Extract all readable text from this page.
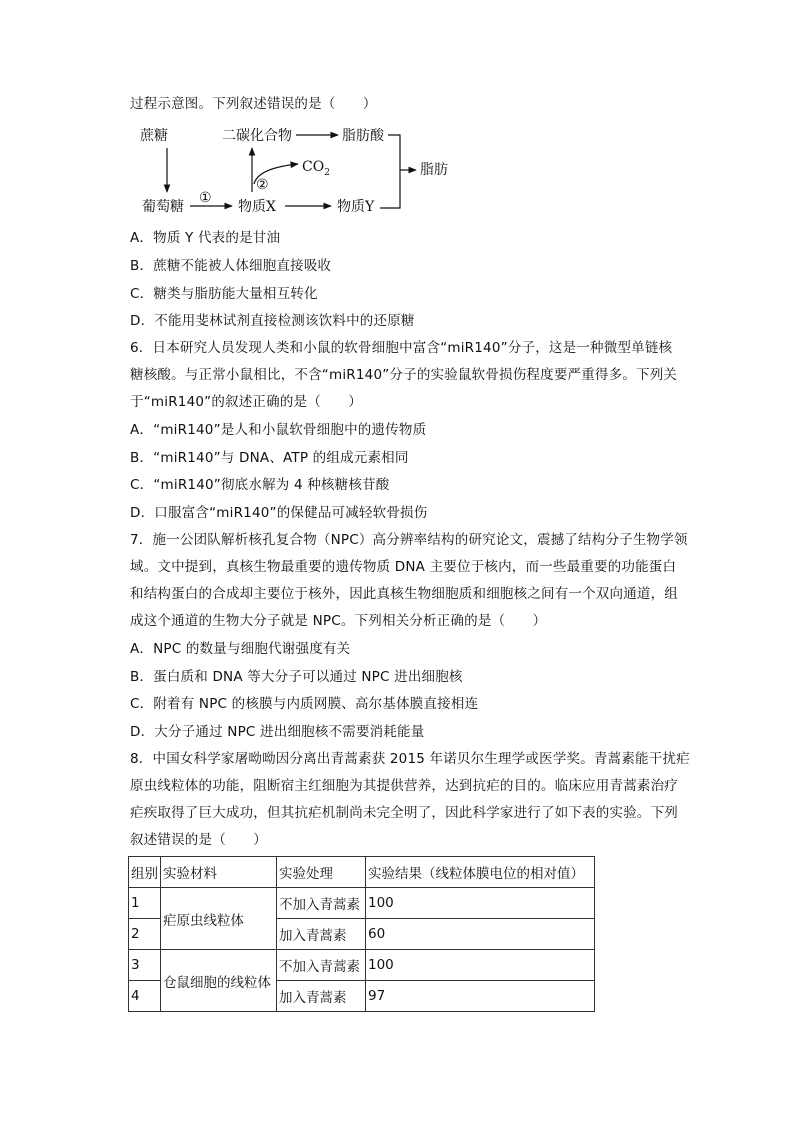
过程示意图。下列叙述错误的是（　　）
蔗糖	二碳化合物	脂肪酸
$CO_2$	脂肪
葡萄糖
①
②
物质X	物质Y
A．物质 Y 代表的是甘油
B．蔗糖不能被人体细胞直接吸收
C．糖类与脂肪能大量相互转化
D．不能用斐林试剂直接检测该饮料中的还原糖
6．日本研究人员发现人类和小鼠的软骨细胞中富含“miR140”分子，这是一种微型单链核
糖核酸。与正常小鼠相比，不含“miR140”分子的实验鼠软骨损伤程度要严重得多。下列关
于“miR140”的叙述正确的是（　　）
A．“miR140”是人和小鼠软骨细胞中的遗传物质
B．“miR140”与 DNA、ATP 的组成元素相同
C．“miR140”彻底水解为 4 种核糖核苷酸
D．口服富含“miR140”的保健品可减轻软骨损伤
7．施一公团队解析核孔复合物（NPC）高分辨率结构的研究论文，震撼了结构分子生物学领
域。文中提到，真核生物最重要的遗传物质 DNA 主要位于核内，而一些最重要的功能蛋白
和结构蛋白的合成却主要位于核外，因此真核生物细胞质和细胞核之间有一个双向通道，组
成这个通道的生物大分子就是 NPC。下列相关分析正确的是（　　）
A．NPC 的数量与细胞代谢强度有关
B．蛋白质和 DNA 等大分子可以通过 NPC 进出细胞核
C．附着有 NPC 的核膜与内质网膜、高尔基体膜直接相连
D．大分子通过 NPC 进出细胞核不需要消耗能量
8．中国女科学家屠呦呦因分离出青蒿素获 2015 年诺贝尔生理学或医学奖。青蒿素能干扰疟
原虫线粒体的功能，阻断宿主红细胞为其提供营养，达到抗疟的目的。临床应用青蒿素治疗
疟疾取得了巨大成功，但其抗疟机制尚未完全明了，因此科学家进行了如下表的实验。下列
叙述错误的是（　　）
组别	实验材料	实验处理	实验结果（线粒体膜电位的相对值）
1	疟原虫线粒体	不加入青蒿素	100
2		加入青蒿素	60
3	仓鼠细胞的线粒体	不加入青蒿素	100
4		加入青蒿素	97
